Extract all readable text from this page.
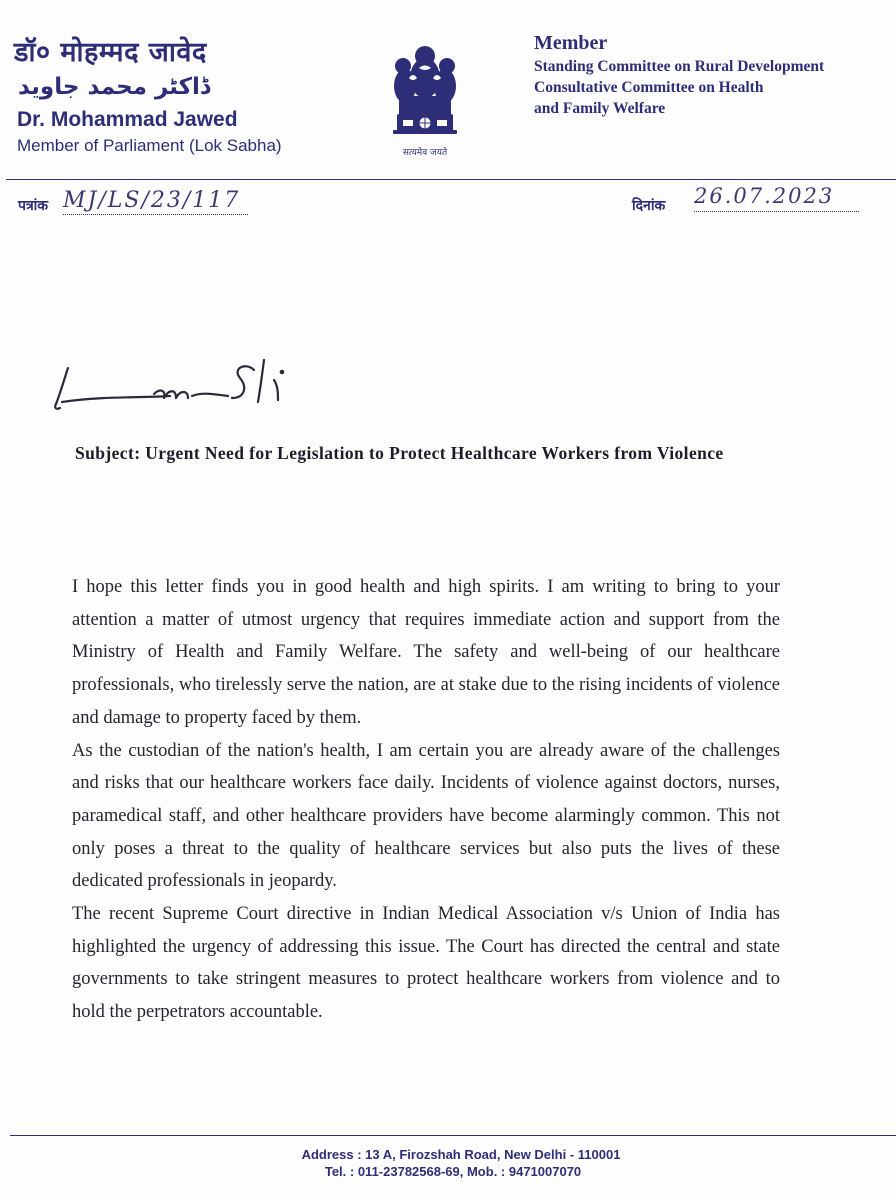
डॉ० मोहम्मद जावेद
ڈاکٹر محمد جاوید
Dr. Mohammad Jawed
Member of Parliament (Lok Sabha)	सत्यमेव जयते
Member
Standing Committee on Rural Development
Consultative Committee on Health
and Family Welfare
पत्रांक MJ/LS/23/117	दिनांक 26.07.2023
Subject: Urgent Need for Legislation to Protect Healthcare Workers from Violence

I hope this letter finds you in good health and high spirits. I am writing to bring to your attention a matter of utmost urgency that requires immediate action and support from the Ministry of Health and Family Welfare. The safety and well-being of our healthcare professionals, who tirelessly serve the nation, are at stake due to the rising incidents of violence and damage to property faced by them.

As the custodian of the nation's health, I am certain you are already aware of the challenges and risks that our healthcare workers face daily. Incidents of violence against doctors, nurses, paramedical staff, and other healthcare providers have become alarmingly common. This not only poses a threat to the quality of healthcare services but also puts the lives of these dedicated professionals in jeopardy.

The recent Supreme Court directive in Indian Medical Association v/s Union of India has highlighted the urgency of addressing this issue. The Court has directed the central and state governments to take stringent measures to protect healthcare workers from violence and to hold the perpetrators accountable.

Address : 13 A, Firozshah Road, New Delhi - 110001
Tel. : 011-23782568-69, Mob. : 9471007070
